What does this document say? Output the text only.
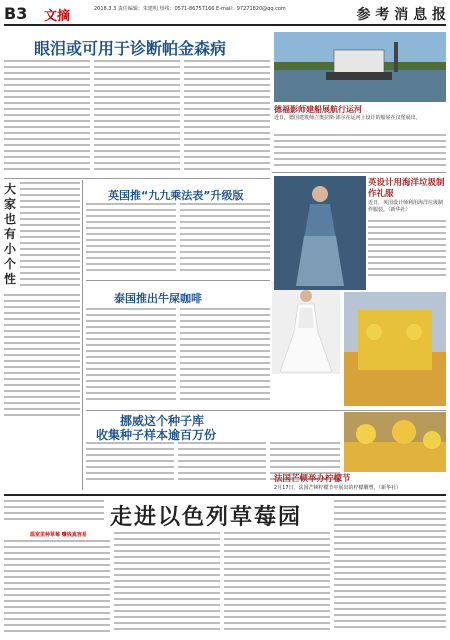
B3 文摘	2018.3.3 责任编辑：朱建明 热线：0571-86757166 E-mail：97271820@qq.com	参 考 消 息 报
眼泪或可用于诊断帕金森病
大家也有小个性
英国推“九九乘法表”升级版
泰国推出牛屎咖啡
挪威这个种子库
收集种子样本逾百万份
德福影师建船展航行运河
近日，德国建筑师立奥拉斯·邵尔在运河上设计的船屋在汉堡展出。
英设计用海洋垃圾制作礼服
近日，英国设计师利用海洋垃圾制作服装。（新华社）
法国芒顿举办柠檬节
2月17日，法国芒顿柠檬节中展出的柠檬雕塑。（新华社）
走进以色列草莓园
温室里种草莓 赚钱真容易
